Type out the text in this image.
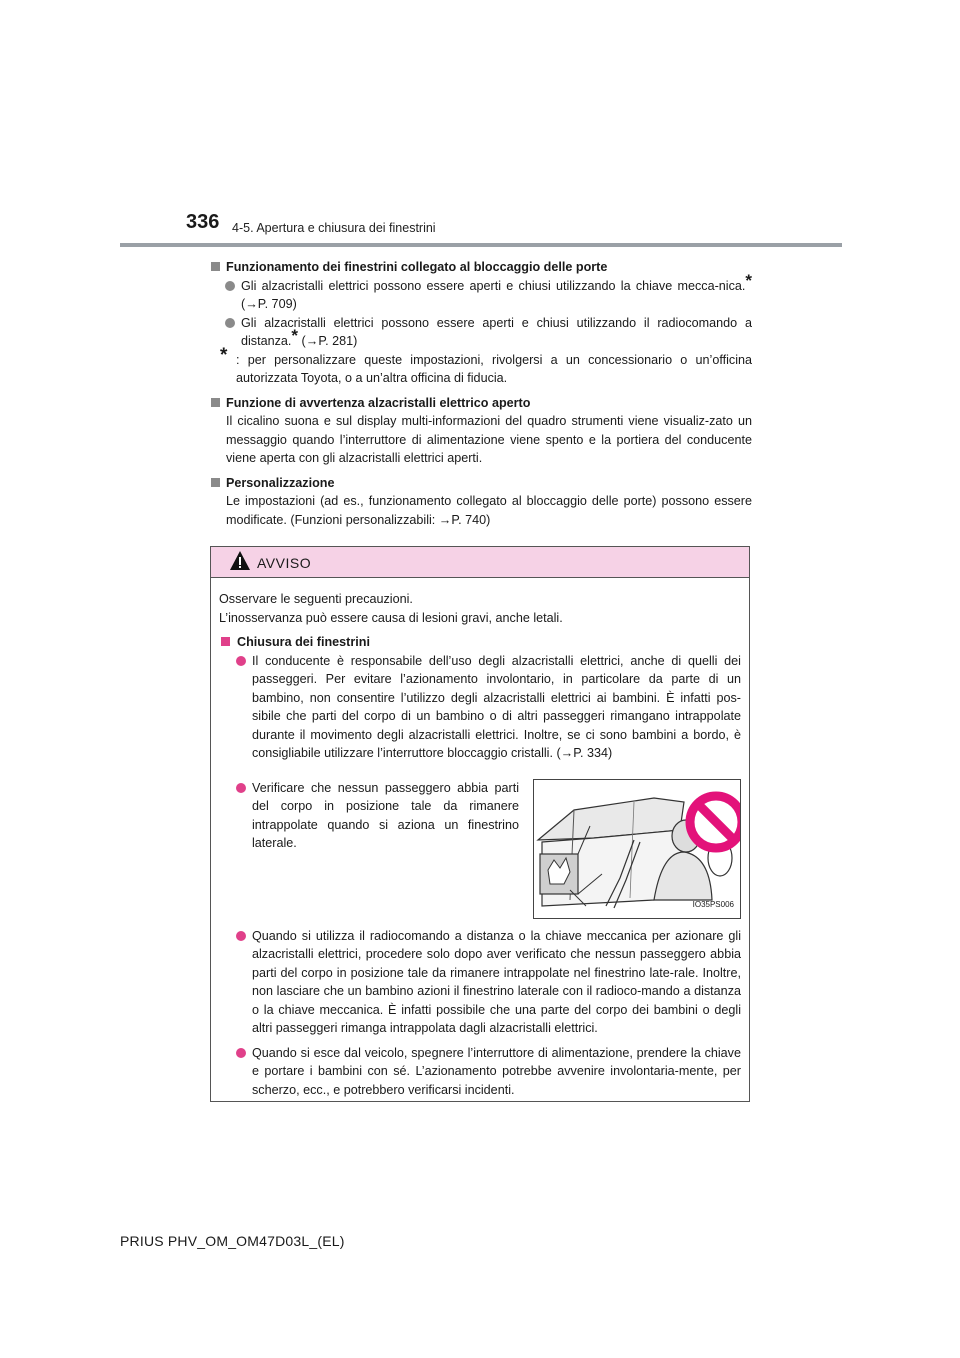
336 4-5. Apertura e chiusura dei finestrini

Funzionamento dei finestrini collegato al bloccaggio delle porte

Gli alzacristalli elettrici possono essere aperti e chiusi utilizzando la chiave mecca-nica.* (→P. 709)

Gli alzacristalli elettrici possono essere aperti e chiusi utilizzando il radiocomando a distanza.* (→P. 281)

* : per personalizzare queste impostazioni, rivolgersi a un concessionario o un’officina autorizzata Toyota, o a un’altra officina di fiducia.

Funzione di avvertenza alzacristalli elettrico aperto

Il cicalino suona e sul display multi-informazioni del quadro strumenti viene visualiz-zato un messaggio quando l’interruttore di alimentazione viene spento e la portiera del conducente viene aperta con gli alzacristalli elettrici aperti.

Personalizzazione

Le impostazioni (ad es., funzionamento collegato al bloccaggio delle porte) possono essere modificate. (Funzioni personalizzabili: →P. 740)

AVVISO

Osservare le seguenti precauzioni.

L’inosservanza può essere causa di lesioni gravi, anche letali.

Chiusura dei finestrini

Il conducente è responsabile dell’uso degli alzacristalli elettrici, anche di quelli dei passeggeri. Per evitare l’azionamento involontario, in particolare da parte di un bambino, non consentire l’utilizzo degli alzacristalli elettrici ai bambini. È infatti pos-sibile che parti del corpo di un bambino o di altri passeggeri rimangano intrappolate durante il movimento degli alzacristalli elettrici. Inoltre, se ci sono bambini a bordo, è consigliabile utilizzare l’interruttore bloccaggio cristalli. (→P. 334)

Verificare che nessun passeggero abbia parti del corpo in posizione tale da rimanere intrappolate quando si aziona un finestrino laterale.

IO35PS006

Quando si utilizza il radiocomando a distanza o la chiave meccanica per azionare gli alzacristalli elettrici, procedere solo dopo aver verificato che nessun passeggero abbia parti del corpo in posizione tale da rimanere intrappolate nel finestrino late-rale. Inoltre, non lasciare che un bambino azioni il finestrino laterale con il radioco-mando a distanza o la chiave meccanica. È infatti possibile che una parte del corpo dei bambini o degli altri passeggeri rimanga intrappolata dagli alzacristalli elettrici.

Quando si esce dal veicolo, spegnere l’interruttore di alimentazione, prendere la chiave e portare i bambini con sé. L’azionamento potrebbe avvenire involontaria-mente, per scherzo, ecc., e potrebbero verificarsi incidenti.

PRIUS PHV_OM_OM47D03L_(EL)
